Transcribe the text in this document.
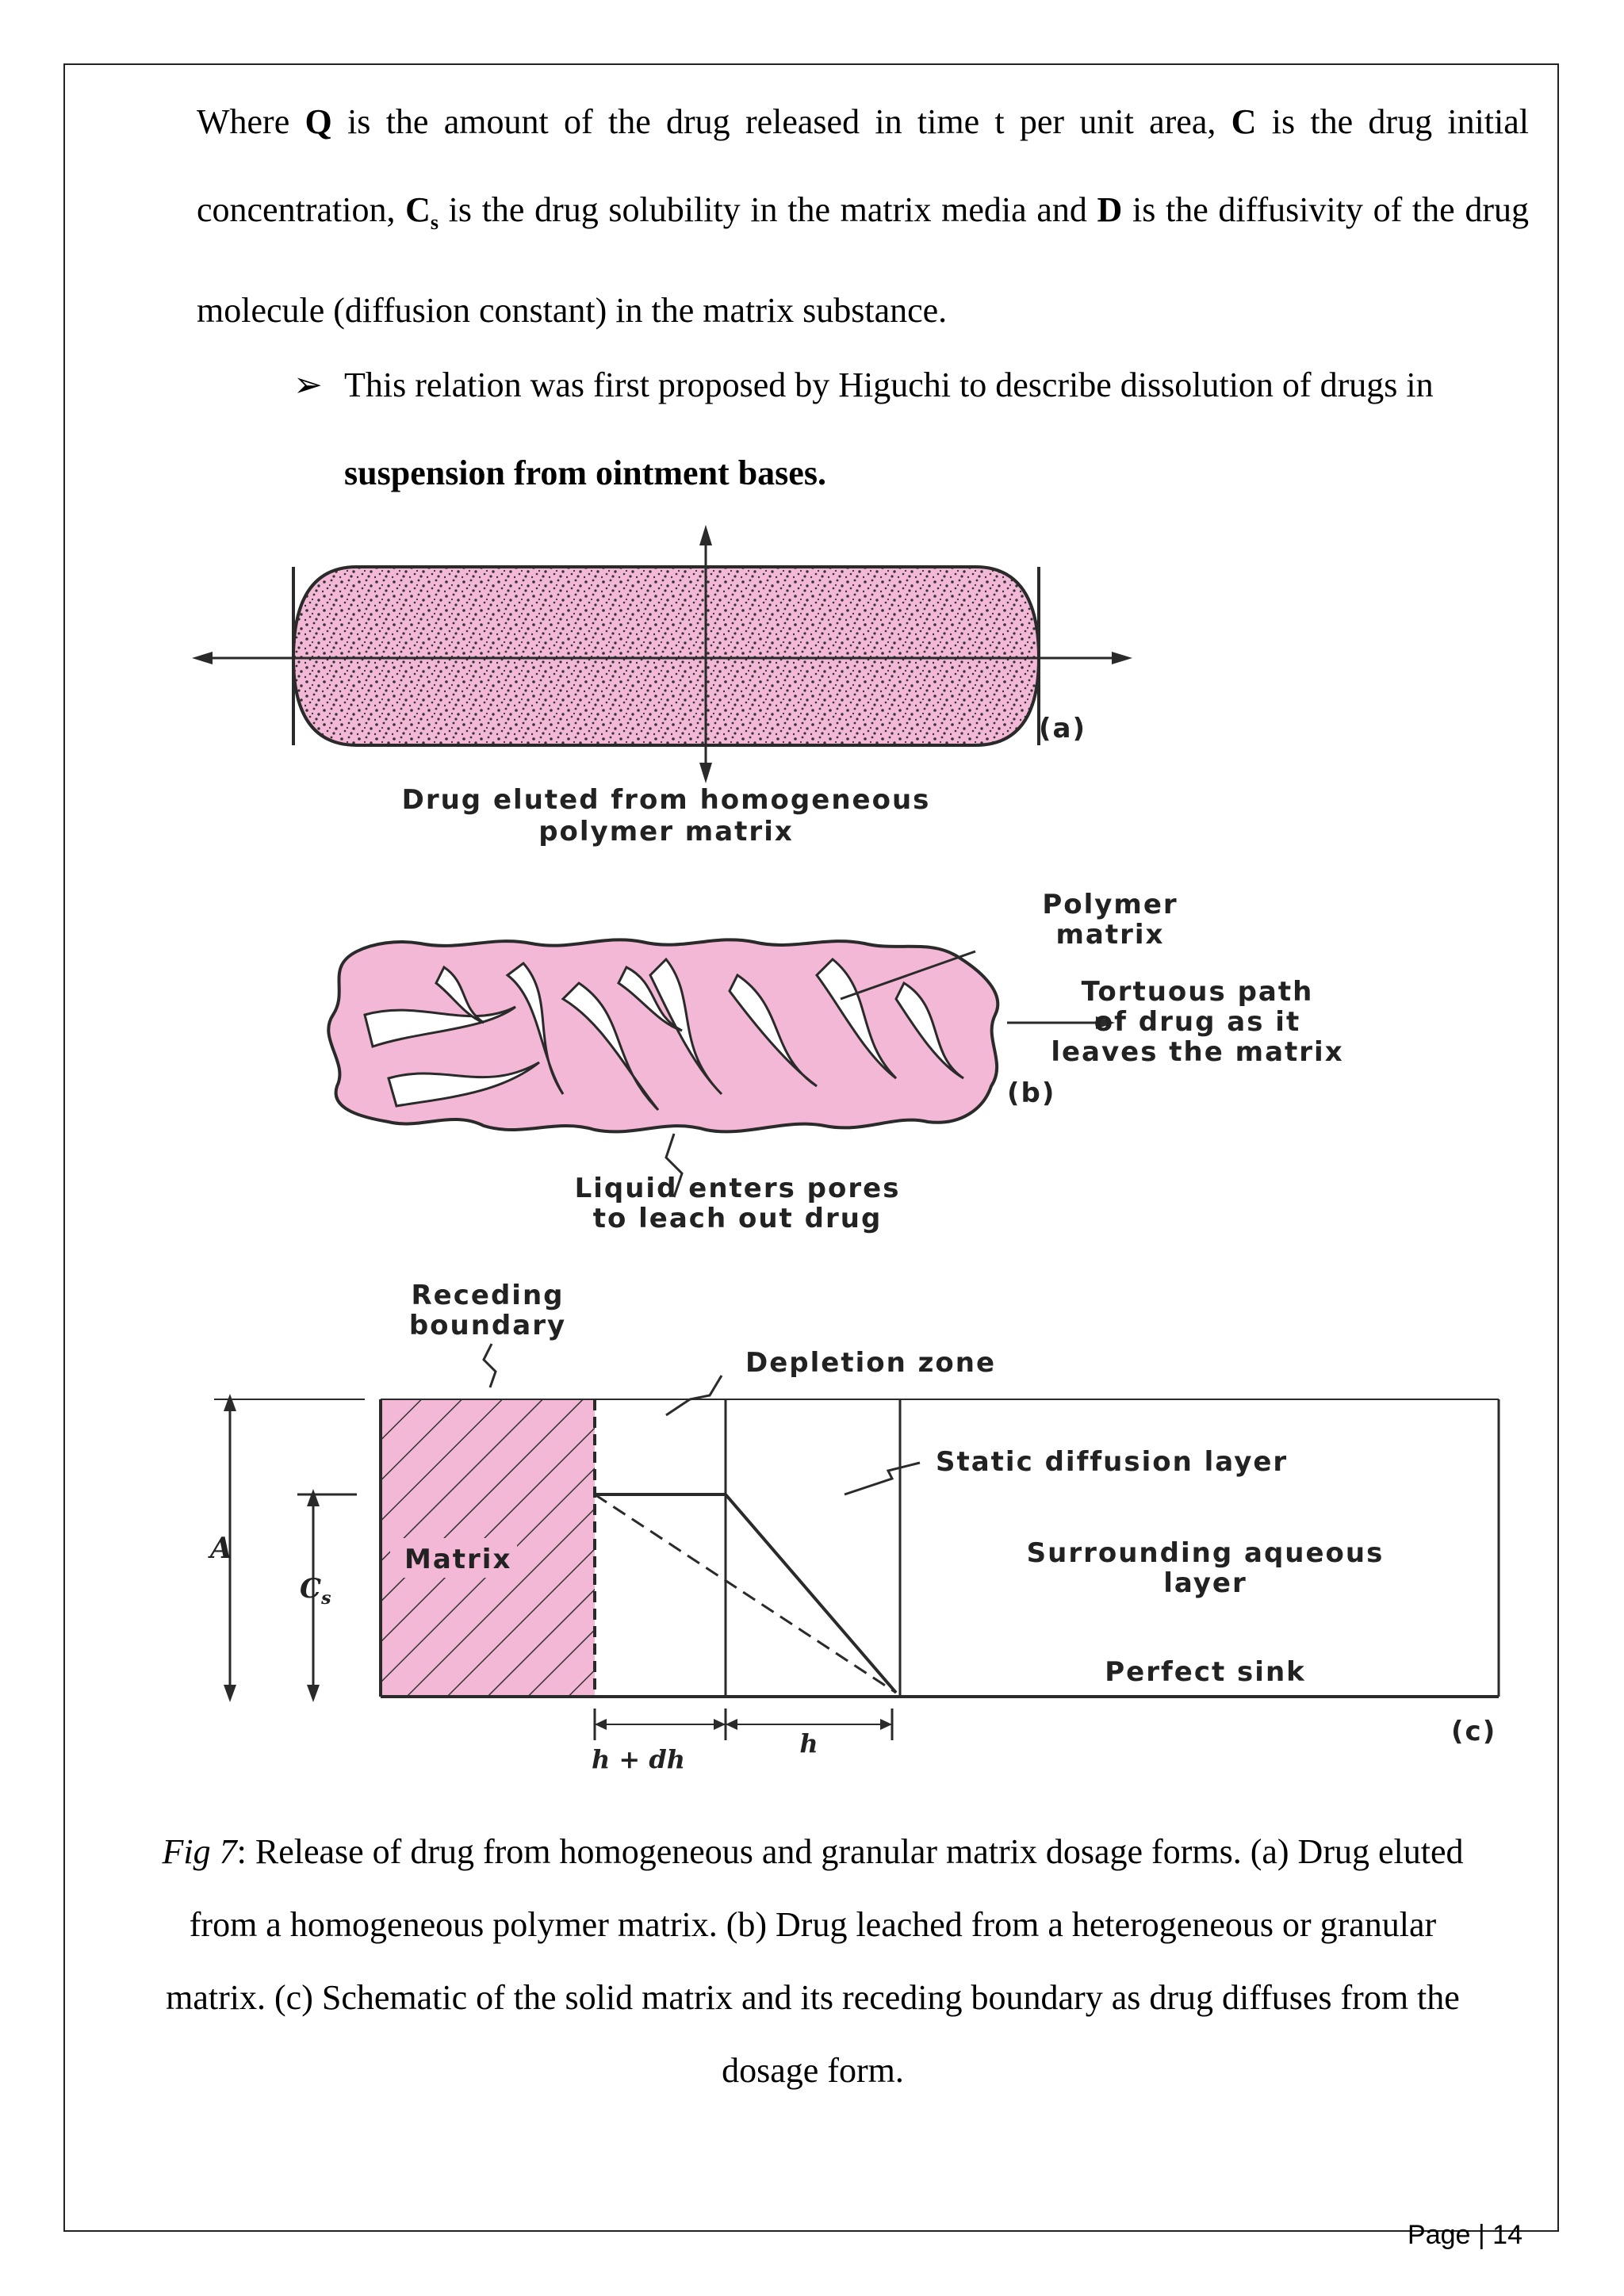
Where Q is the amount of the drug released in time t per unit area, C is the drug initial concentration, $C_s$ is the drug solubility in the matrix media and D is the diffusivity of the drug molecule (diffusion constant) in the matrix substance.
➢ This relation was first proposed by Higuchi to describe dissolution of drugs in suspension from ointment bases.
(a)
Drug eluted from homogeneous
polymer matrix
(b)
Polymer
matrix
Tortuous path
of drug as it
leaves the matrix
Liquid enters pores
to leach out drug
Receding
boundary
Depletion zone
Matrix
A
$C_s$
Static diffusion layer
Surrounding aqueous
layer
Perfect sink
h + dh
h	(c)
Fig 7: Release of drug from homogeneous and granular matrix dosage forms. (a) Drug eluted from a homogeneous polymer matrix. (b) Drug leached from a heterogeneous or granular matrix. (c) Schematic of the solid matrix and its receding boundary as drug diffuses from the dosage form.
Page | 14
